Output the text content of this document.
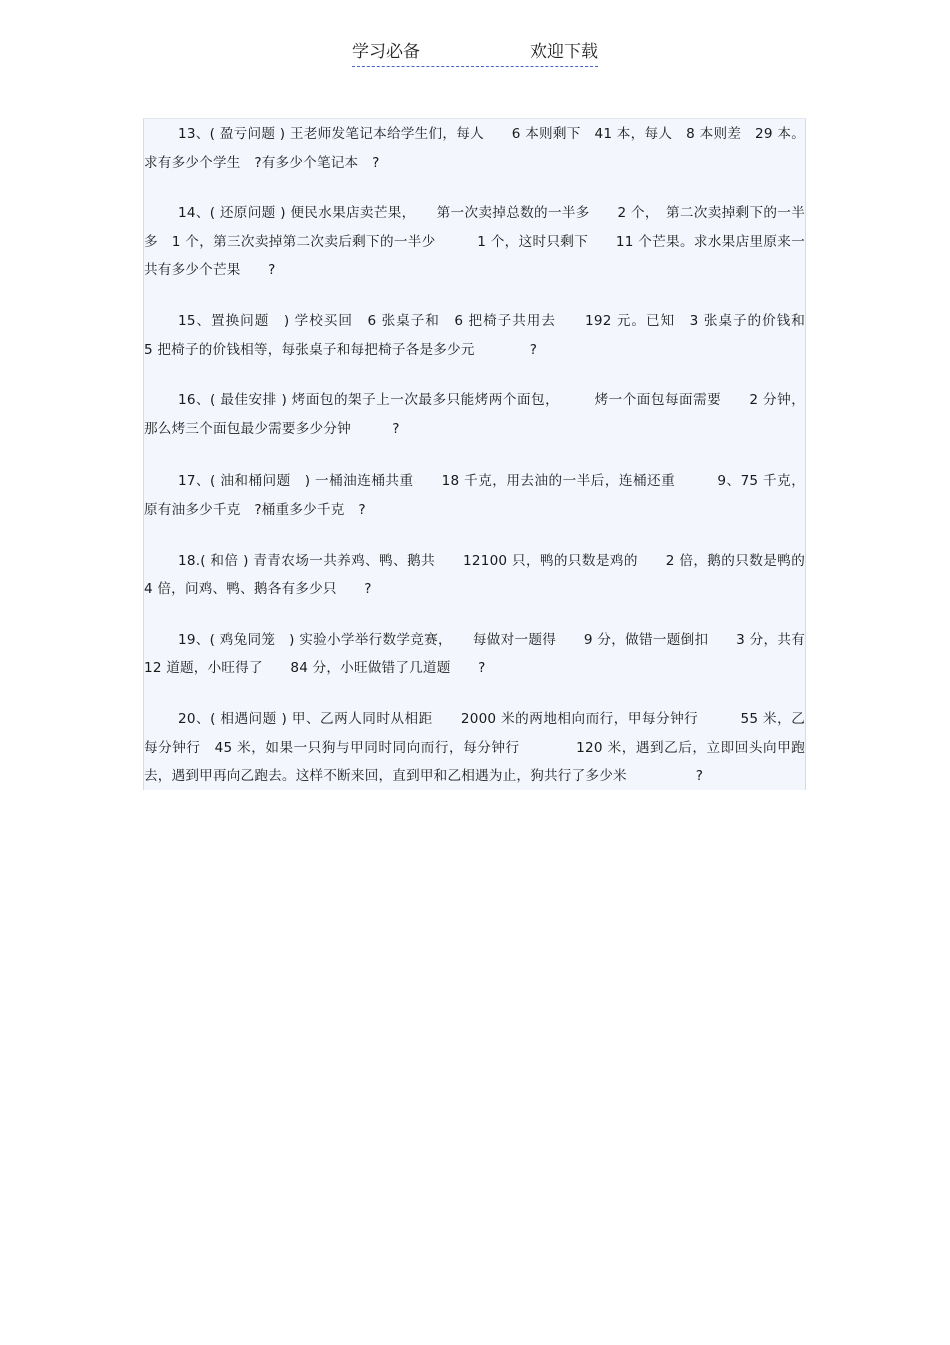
学习必备	欢迎下载

13、( 盈亏问题 ) 王老师发笔记本给学生们，每人　　6 本则剩下　41 本，每人　8 本则差　29 本。求有多少个学生　?有多少个笔记本　?

14、( 还原问题 ) 便民水果店卖芒果，　　第一次卖掉总数的一半多　　2 个，　第二次卖掉剩下的一半多　1 个，第三次卖掉第二次卖后剩下的一半少　　　1 个，这时只剩下　　11 个芒果。求水果店里原来一共有多少个芒果　　?

15、置换问题　) 学校买回　6 张桌子和　6 把椅子共用去　　192 元。已知　3 张桌子的价钱和　　5 把椅子的价钱相等，每张桌子和每把椅子各是多少元　　　　?

16、( 最佳安排 ) 烤面包的架子上一次最多只能烤两个面包，　　　烤一个面包每面需要　　2 分钟，那么烤三个面包最少需要多少分钟　　　?

17、( 油和桶问题　) 一桶油连桶共重　　18 千克，用去油的一半后，连桶还重　　　9、75 千克，原有油多少千克　?桶重多少千克　?

18.( 和倍 ) 青青农场一共养鸡、鸭、鹅共　　12100 只，鸭的只数是鸡的　　2 倍，鹅的只数是鸭的 4 倍，问鸡、鸭、鹅各有多少只　　?

19、( 鸡兔同笼　) 实验小学举行数学竞赛，　　每做对一题得　　9 分，做错一题倒扣　　3 分，共有12 道题，小旺得了　　84 分，小旺做错了几道题　　?

20、( 相遇问题 ) 甲、乙两人同时从相距　　2000 米的两地相向而行，甲每分钟行　　　55 米，乙每分钟行　45 米，如果一只狗与甲同时同向而行，每分钟行　　　　120 米，遇到乙后，立即回头向甲跑去，遇到甲再向乙跑去。这样不断来回，直到甲和乙相遇为止，狗共行了多少米　　　　　?
